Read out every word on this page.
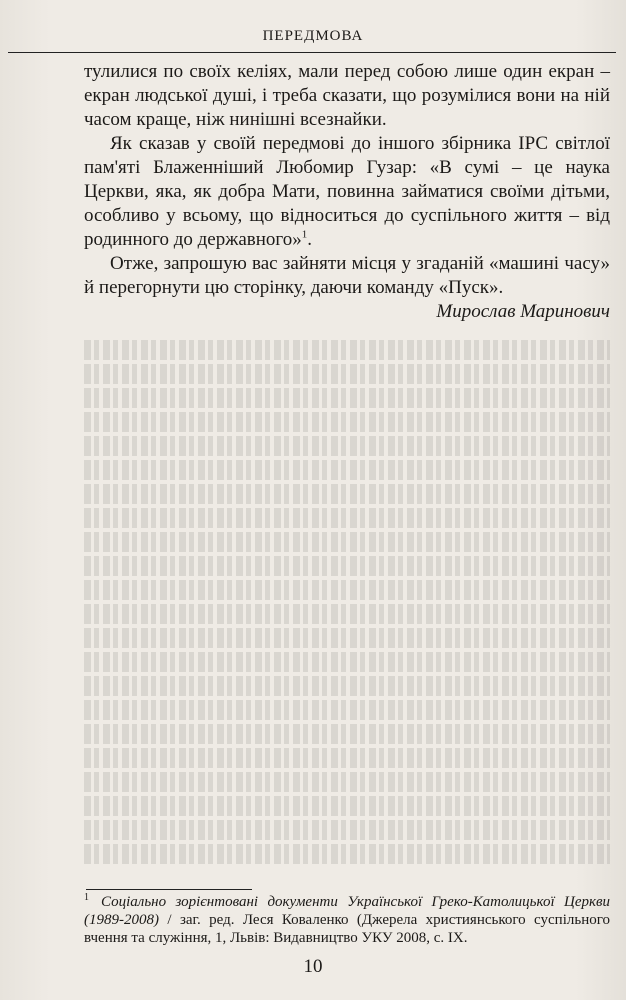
ПЕРЕДМОВА

тулилися по своїх келіях, мали перед собою лише один екран – екран людської душі, і треба сказати, що розумілися вони на ній часом краще, ніж нинішні всезнайки.

Як сказав у своїй передмові до іншого збірника ІРС світлої пам'яті Блаженніший Любомир Гузар: «В сумі – це наука Церкви, яка, як добра Мати, повинна займатися своїми дітьми, особливо у всьому, що відноситься до суспільного життя – від родинного до державного»$^1$.

Отже, запрошую вас зайняти місця у згаданій «машині часу» й перегорнути цю сторінку, даючи команду «Пуск».

Мирослав Маринович

$^1$ Соціально зорієнтовані документи Української Греко-Католицької Церкви (1989-2008) / заг. ред. Леся Коваленко (Джерела християнського суспільного вчення та служіння, 1, Львів: Видавництво УКУ 2008, с. IX.
10
